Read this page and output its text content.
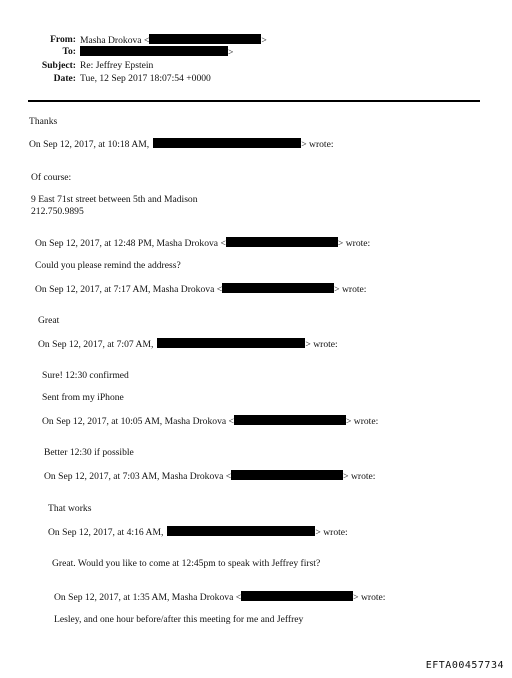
From: Masha Drokova <	>
To:	>
Subject: Re: Jeffrey Epstein
Date: Tue, 12 Sep 2017 18:07:54 +0000
Thanks
On Sep 12, 2017, at 10:18 AM,	> wrote:
Of course:
9 East 71st street between 5th and Madison
212.750.9895
On Sep 12, 2017, at 12:48 PM, Masha Drokova <	> wrote:
Could you please remind the address?
On Sep 12, 2017, at 7:17 AM, Masha Drokova <	> wrote:
Great
On Sep 12, 2017, at 7:07 AM,	> wrote:
Sure! 12:30 confirmed
Sent from my iPhone
On Sep 12, 2017, at 10:05 AM, Masha Drokova <	> wrote:
Better 12:30 if possible
On Sep 12, 2017, at 7:03 AM, Masha Drokova <	> wrote:
That works
On Sep 12, 2017, at 4:16 AM,	> wrote:
Great. Would you like to come at 12:45pm to speak with Jeffrey first?
On Sep 12, 2017, at 1:35 AM, Masha Drokova <	> wrote:
Lesley, and one hour before/after this meeting for me and Jeffrey
EFTA00457734
